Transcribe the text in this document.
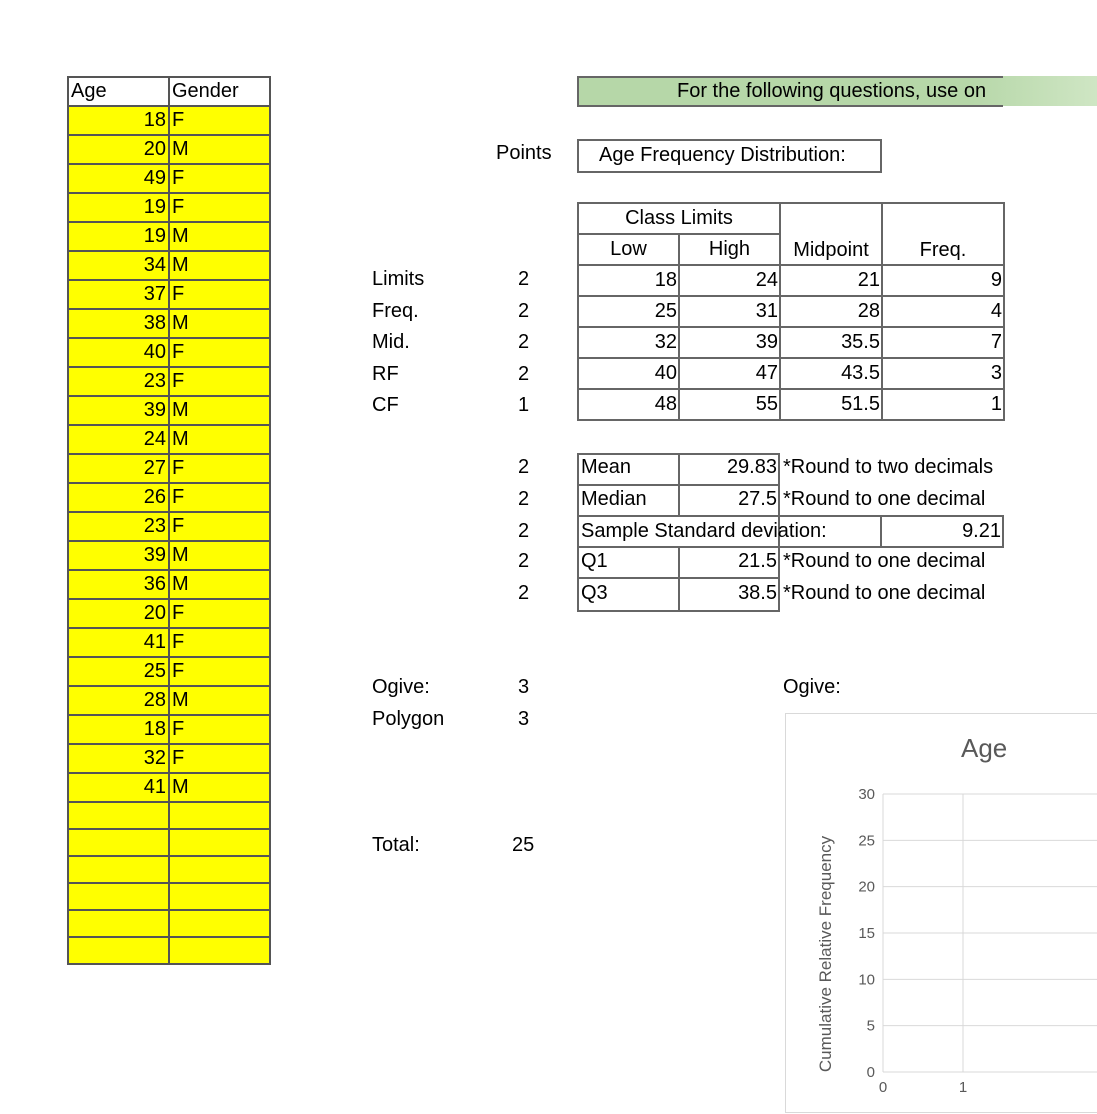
Age	Gender
18	F
20	M
49	F
19	F
19	M
34	M
37	F
38	M
40	F
23	F
39	M
24	M
27	F
26	F
23	F
39	M
36	M
20	F
41	F
25	F
28	M
18	F
32	F
41	M

For the following questions, use on
Points Age Frequency Distribution:
Class Limits		Midpoint	Freq.
Low	High		
18	24	21	9
25	31	28	4
32	39	35.5	7
40	47	43.5	3
48	55	51.5	1
Limits	2
Freq.	2
Mid.	2
RF	2
CF	1
2	Mean	29.83 *Round to two decimals
2	Median	27.5 *Round to one decimal
2	Sample Standard deviation:	9.21
2	Q1	21.5 *Round to one decimal
2	Q3	38.5 *Round to one decimal
Ogive:	3
Polygon	3
Total:	25
Ogive:
Age
Cumulative Relative Frequency
0
5
10
15
20
25
30
0	1
